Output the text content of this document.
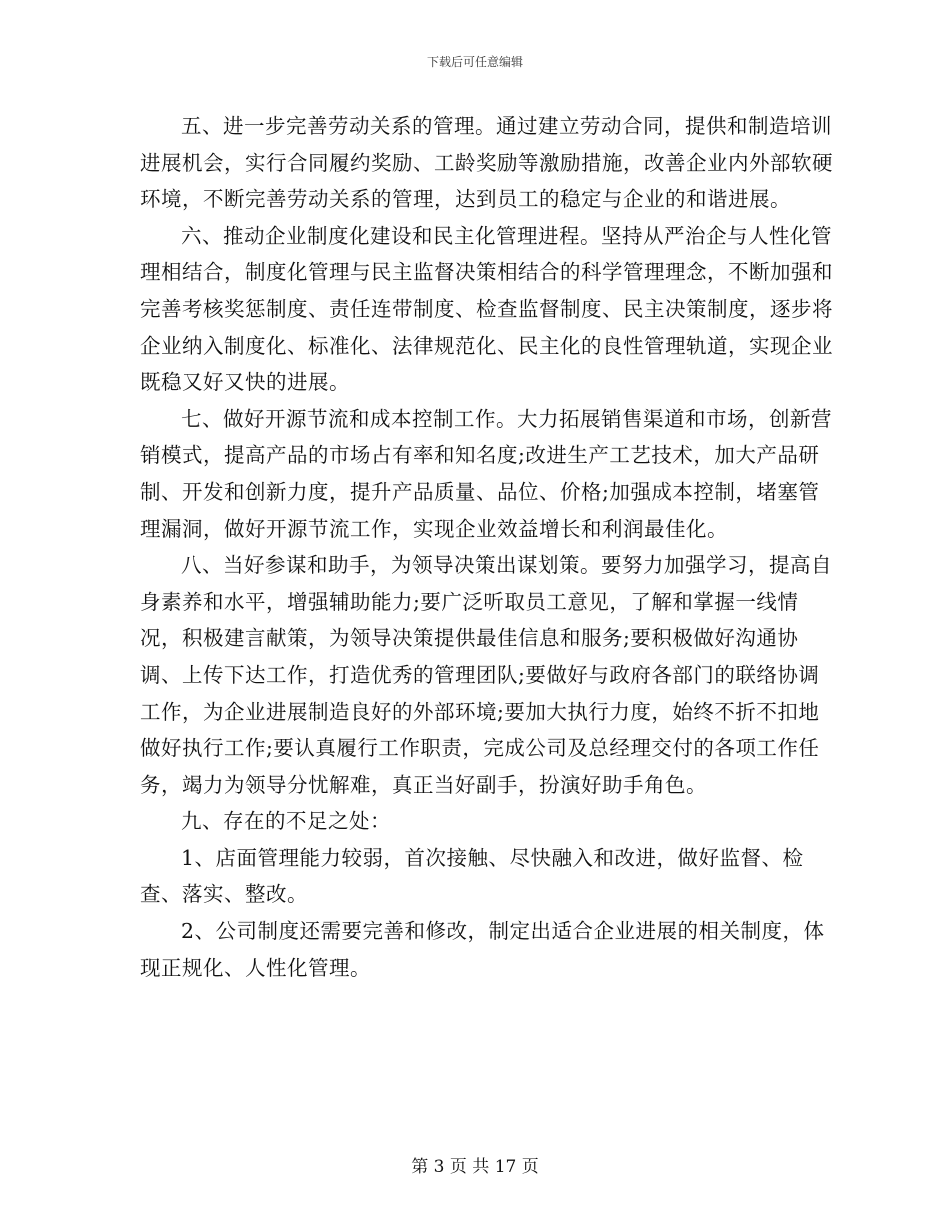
下载后可任意编辑

五、进一步完善劳动关系的管理。通过建立劳动合同，提供和制造培训进展机会，实行合同履约奖励、工龄奖励等激励措施，改善企业内外部软硬环境，不断完善劳动关系的管理，达到员工的稳定与企业的和谐进展。

六、推动企业制度化建设和民主化管理进程。坚持从严治企与人性化管理相结合，制度化管理与民主监督决策相结合的科学管理理念，不断加强和完善考核奖惩制度、责任连带制度、检查监督制度、民主决策制度，逐步将企业纳入制度化、标准化、法律规范化、民主化的良性管理轨道，实现企业既稳又好又快的进展。

七、做好开源节流和成本控制工作。大力拓展销售渠道和市场，创新营销模式，提高产品的市场占有率和知名度;改进生产工艺技术，加大产品研制、开发和创新力度，提升产品质量、品位、价格;加强成本控制，堵塞管理漏洞，做好开源节流工作，实现企业效益增长和利润最佳化。

八、当好参谋和助手，为领导决策出谋划策。要努力加强学习，提高自身素养和水平，增强辅助能力;要广泛听取员工意见，了解和掌握一线情况，积极建言献策，为领导决策提供最佳信息和服务;要积极做好沟通协调、上传下达工作，打造优秀的管理团队;要做好与政府各部门的联络协调工作，为企业进展制造良好的外部环境;要加大执行力度，始终不折不扣地做好执行工作;要认真履行工作职责，完成公司及总经理交付的各项工作任务，竭力为领导分忧解难，真正当好副手，扮演好助手角色。

九、存在的不足之处：

1、店面管理能力较弱，首次接触、尽快融入和改进，做好监督、检查、落实、整改。

2、公司制度还需要完善和修改，制定出适合企业进展的相关制度，体现正规化、人性化管理。

第 3 页 共 17 页
